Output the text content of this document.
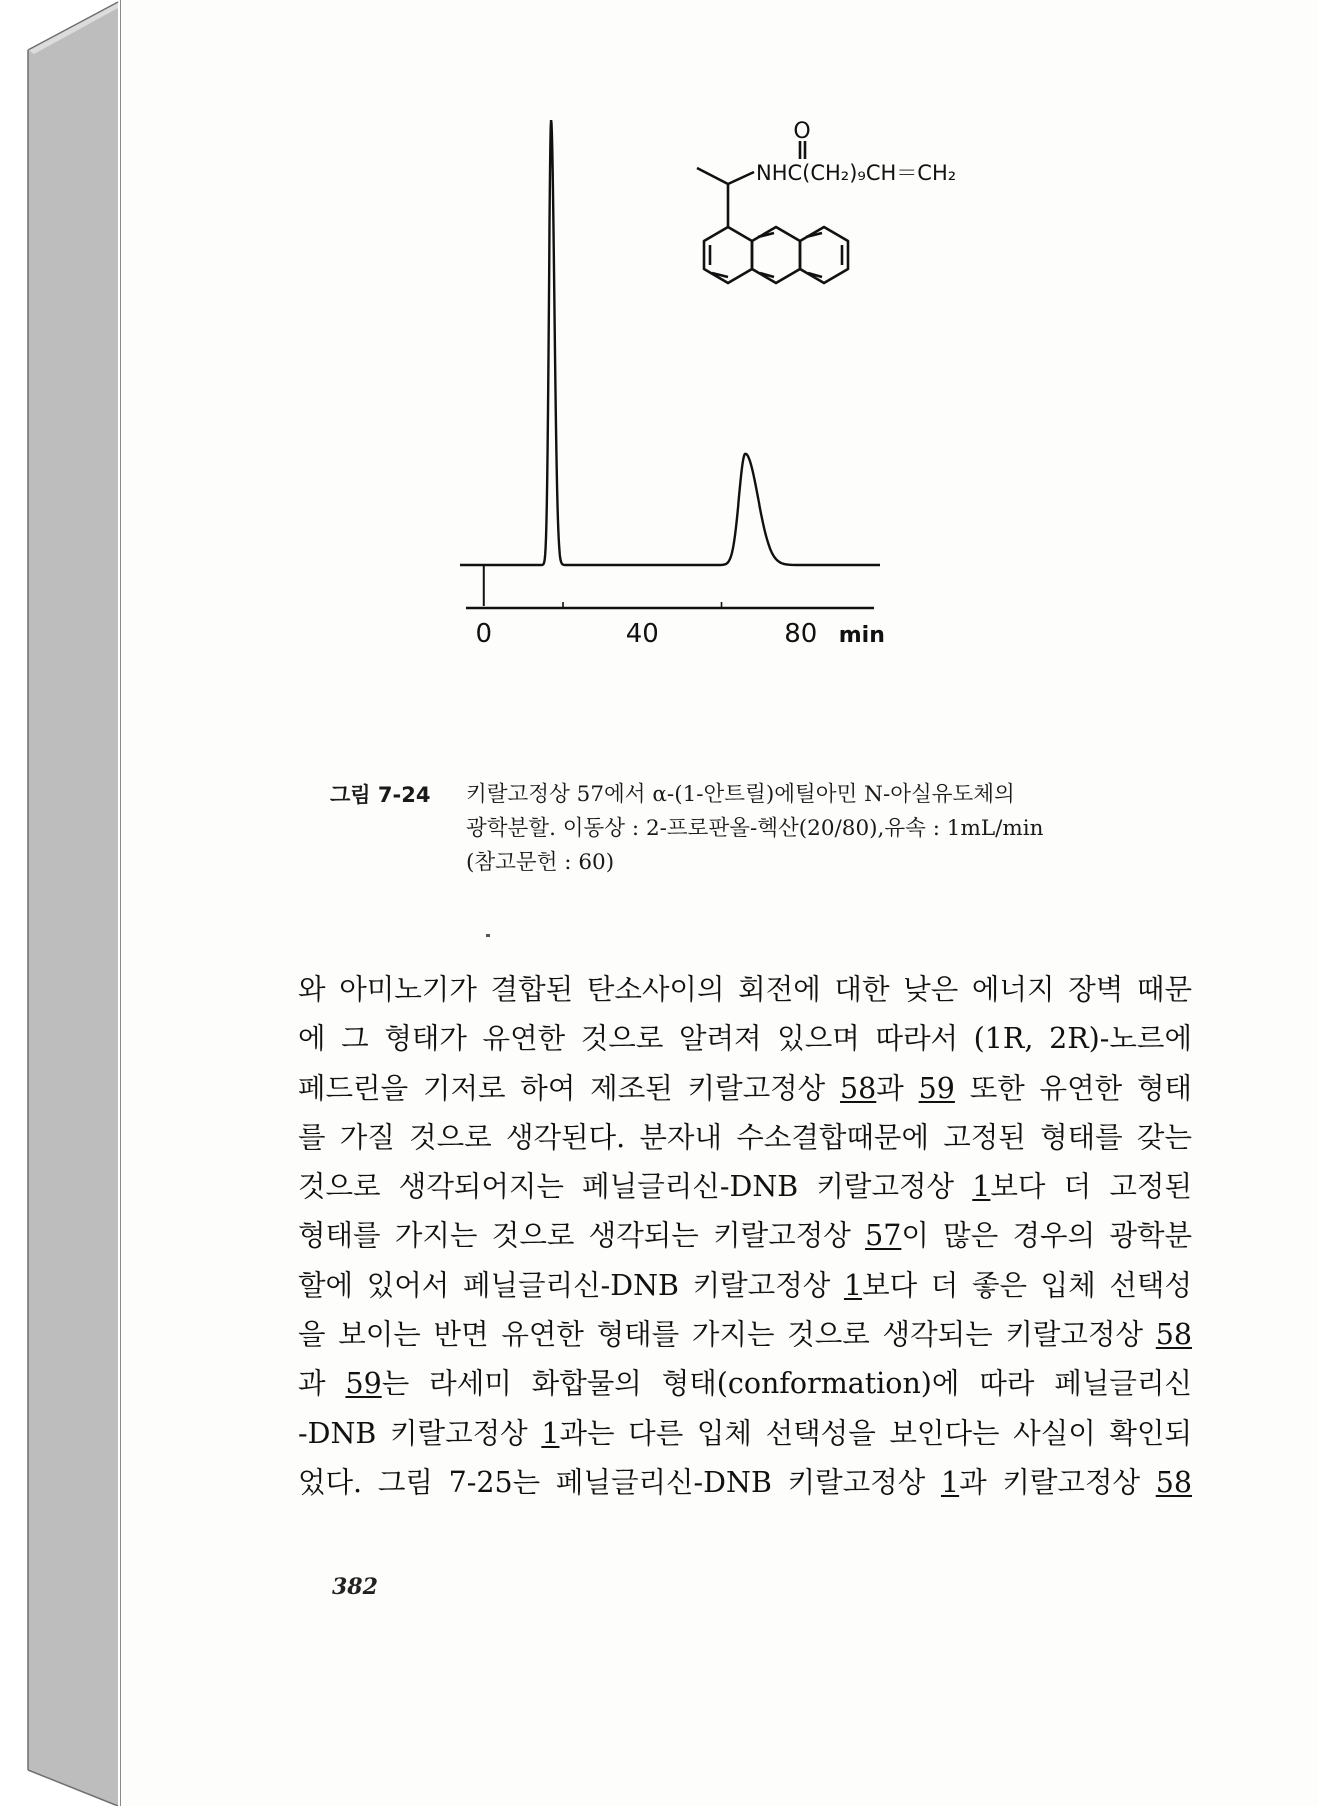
O
NHC(CH₂)₉CH＝CH₂
0	40	80 min
그림 7-24 키랄고정상 57에서 α-(1-안트릴)에틸아민 N-아실유도체의
광학분할. 이동상 : 2-프로판올-헥산(20/80),유속 : 1mL/min
(참고문헌 : 60)
와 아미노기가 결합된 탄소사이의 회전에 대한 낮은 에너지 장벽 때문
에 그 형태가 유연한 것으로 알려져 있으며 따라서 (1R, 2R)-노르에
페드린을 기저로 하여 제조된 키랄고정상 58과 59 또한 유연한 형태
를 가질 것으로 생각된다. 분자내 수소결합때문에 고정된 형태를 갖는
것으로 생각되어지는 페닐글리신-DNB 키랄고정상 1보다 더 고정된
형태를 가지는 것으로 생각되는 키랄고정상 57이 많은 경우의 광학분
할에 있어서 페닐글리신-DNB 키랄고정상 1보다 더 좋은 입체 선택성
을 보이는 반면 유연한 형태를 가지는 것으로 생각되는 키랄고정상 58
과 59는 라세미 화합물의 형태(conformation)에 따라 페닐글리신
-DNB 키랄고정상 1과는 다른 입체 선택성을 보인다는 사실이 확인되
었다. 그림 7-25는 페닐글리신-DNB 키랄고정상 1과 키랄고정상 58
382
